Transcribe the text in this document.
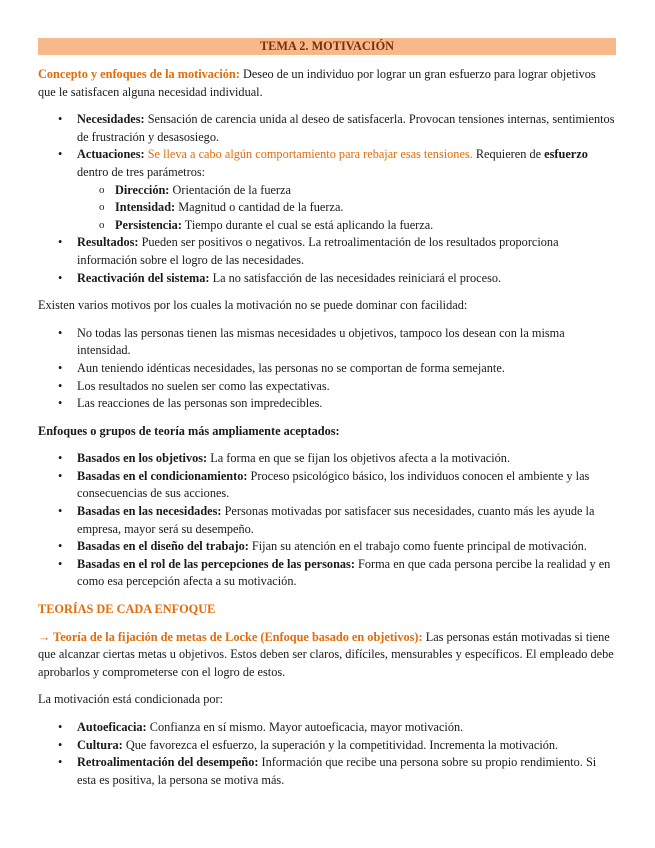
TEMA 2. MOTIVACIÓN

Concepto y enfoques de la motivación: Deseo de un individuo por lograr un gran esfuerzo para lograr objetivos que le satisfacen alguna necesidad individual.

• Necesidades: Sensación de carencia unida al deseo de satisfacerla. Provocan tensiones internas, sentimientos de frustración y desasosiego.
• Actuaciones: Se lleva a cabo algún comportamiento para rebajar esas tensiones. Requieren de esfuerzo dentro de tres parámetros:
o Dirección: Orientación de la fuerza
o Intensidad: Magnitud o cantidad de la fuerza.
o Persistencia: Tiempo durante el cual se está aplicando la fuerza.
• Resultados: Pueden ser positivos o negativos. La retroalimentación de los resultados proporciona información sobre el logro de las necesidades.
• Reactivación del sistema: La no satisfacción de las necesidades reiniciará el proceso.

Existen varios motivos por los cuales la motivación no se puede dominar con facilidad:

• No todas las personas tienen las mismas necesidades u objetivos, tampoco los desean con la misma intensidad.
• Aun teniendo idénticas necesidades, las personas no se comportan de forma semejante.
• Los resultados no suelen ser como las expectativas.
• Las reacciones de las personas son impredecibles.

Enfoques o grupos de teoría más ampliamente aceptados:

• Basados en los objetivos: La forma en que se fijan los objetivos afecta a la motivación.
• Basadas en el condicionamiento: Proceso psicológico básico, los individuos conocen el ambiente y las consecuencias de sus acciones.
• Basadas en las necesidades: Personas motivadas por satisfacer sus necesidades, cuanto más les ayude la empresa, mayor será su desempeño.
• Basadas en el diseño del trabajo: Fijan su atención en el trabajo como fuente principal de motivación.
• Basadas en el rol de las percepciones de las personas: Forma en que cada persona percibe la realidad y en como esa percepción afecta a su motivación.

TEORÍAS DE CADA ENFOQUE

→ Teoría de la fijación de metas de Locke (Enfoque basado en objetivos): Las personas están motivadas si tiene que alcanzar ciertas metas u objetivos. Estos deben ser claros, difíciles, mensurables y específicos. El empleado debe aprobarlos y comprometerse con el logro de estos.

La motivación está condicionada por:

• Autoeficacia: Confianza en sí mismo. Mayor autoeficacia, mayor motivación.
• Cultura: Que favorezca el esfuerzo, la superación y la competitividad. Incrementa la motivación.
• Retroalimentación del desempeño: Información que recibe una persona sobre su propio rendimiento. Si esta es positiva, la persona se motiva más.
